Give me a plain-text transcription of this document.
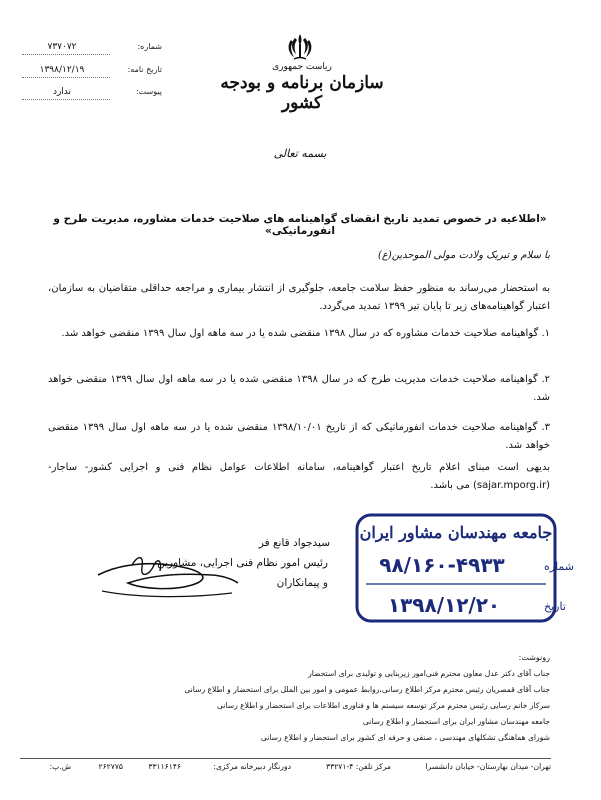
۷۳۷۰۷۲	شماره:
۱۳۹۸/۱۲/۱۹	تاریخ نامه:
ندارد	پیوست:
ریاست جمهوری
سازمان برنامه و بودجه کشور
بسمه تعالی
«اطلاعیه در خصوص تمدید تاریخ انقضای گواهینامه های صلاحیت خدمات مشاوره، مدیریت طرح و انفورماتیکی»
با سلام و تبریک ولادت مولی الموحدین(ع)
به استحضار می‌رساند به منظور حفظ سلامت جامعه، جلوگیری از انتشار بیماری و مراجعه حداقلی متقاضیان به سازمان، اعتبار گواهینامه‌های زیر تا پایان تیر ۱۳۹۹ تمدید می‌گردد.
۱. گواهینامه صلاحیت خدمات مشاوره که در سال ۱۳۹۸ منقضی شده یا در سه ماهه اول سال ۱۳۹۹ منقضی خواهد شد.
۲. گواهینامه صلاحیت خدمات مدیریت طرح که در سال ۱۳۹۸ منقضی شده یا در سه ماهه اول سال ۱۳۹۹ منقضی خواهد شد.
۳. گواهینامه صلاحیت خدمات انفورماتیکی که از تاریخ ۱۳۹۸/۱۰/۰۱ منقضی شده یا در سه ماهه اول سال ۱۳۹۹ منقضی خواهد شد.
بدیهی است مبنای اعلام تاریخ اعتبار گواهینامه، سامانه اطلاعات عوامل نظام فنی و اجرایی کشور- ساجار- (sajar.mporg.ir) می باشد.
سیدجواد قانع فر
رئیس امور نظام فنی اجرایی، مشاورین
و پیمانکاران
جامعه مهندسان مشاور ایران
شماره
۹۸/۱۶۰-۴۹۳۳
تاریخ
۱۳۹۸/۱۲/۲۰
رونوشت:
جناب آقای دکتر عدل معاون محترم فنی‌امور زیربنایی و تولیدی برای استحضار
جناب آقای قمصریان رئیس محترم مرکز اطلاع رسانی،روابط عمومی و امور بین الملل برای استحضار و اطلاع رسانی
سرکار خانم رسایی رئیس محترم مرکز توسعه سیستم ها و فناوری اطلاعات برای استحضار و اطلاع رسانی
جامعه مهندسان مشاور ایران برای استحضار و اطلاع رسانی
شورای هماهنگی تشکلهای مهندسی ، صنفی و حرفه ای کشور برای استحضار و اطلاع رسانی
تهران- میدان بهارستان- خیابان دانشسرا
مرکز تلفن: ۴-۳۳۲۷۱
دورنگار دبیرخانه مرکزی:
۳۳۱۱۶۱۴۶
ش.پ:	۲۶۲۷۷۵
